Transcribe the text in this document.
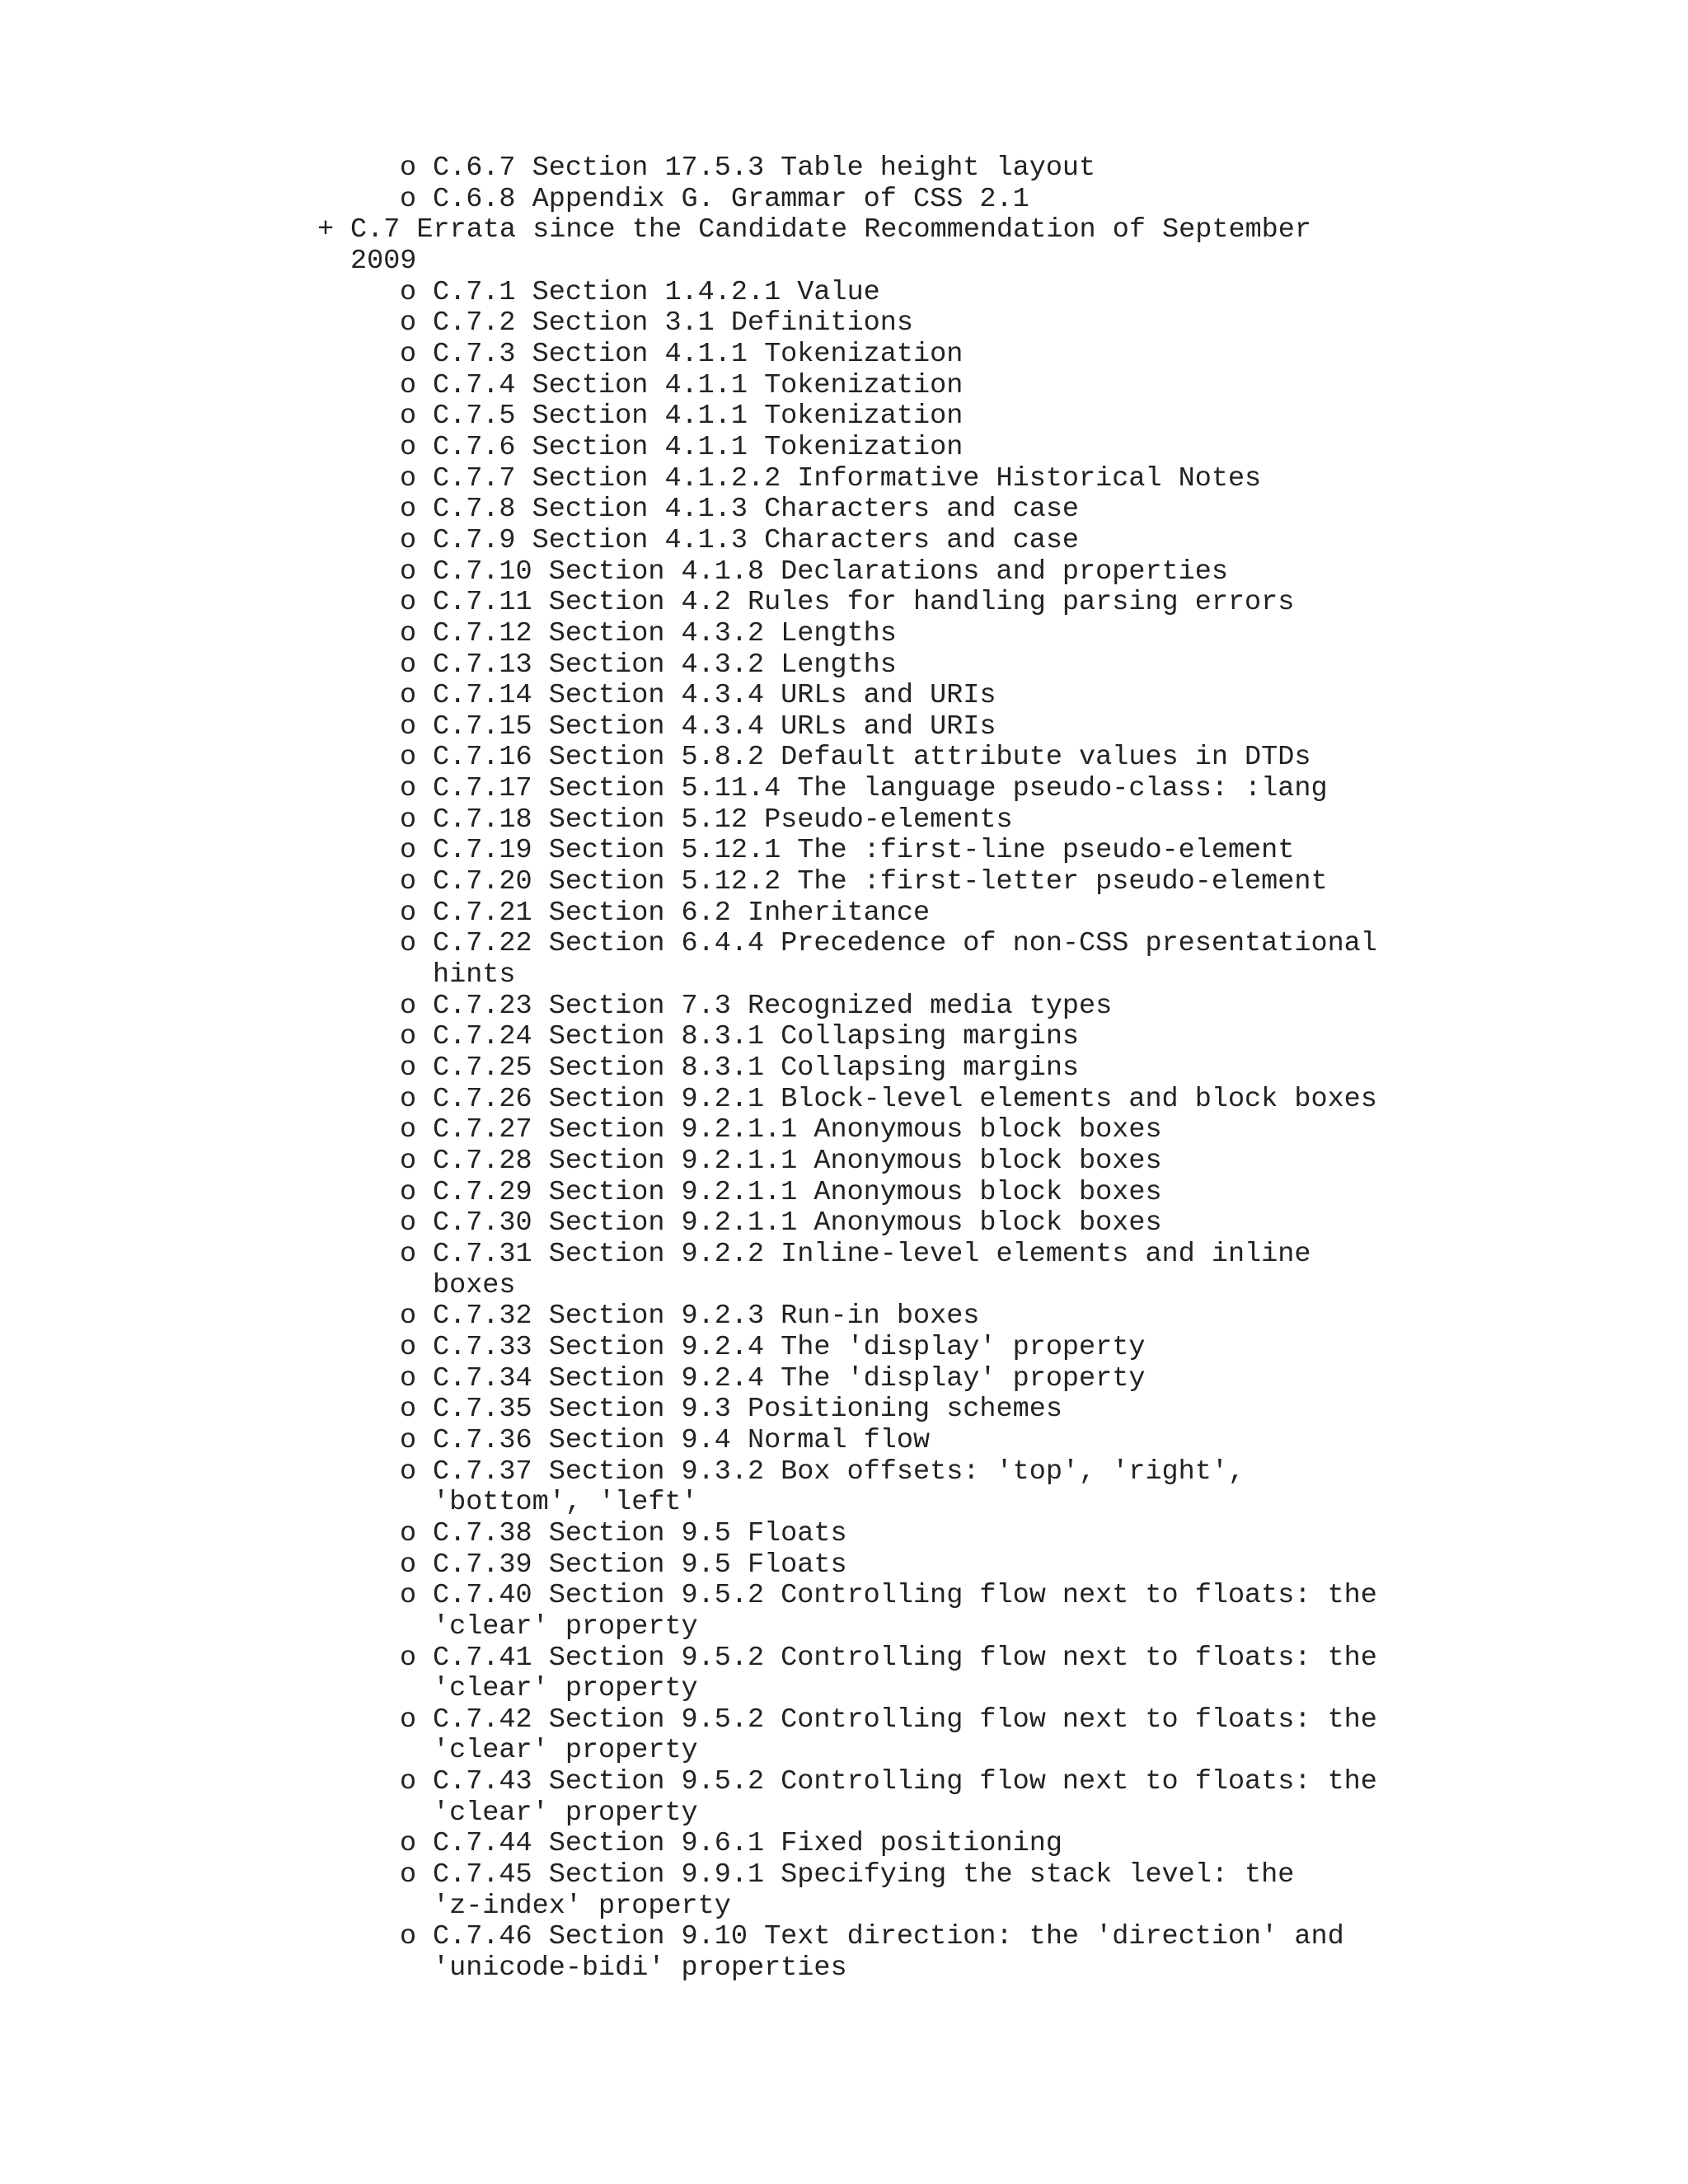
o C.6.7 Section 17.5.3 Table height layout
o C.6.8 Appendix G. Grammar of CSS 2.1
+ C.7 Errata since the Candidate Recommendation of September
2009
o C.7.1 Section 1.4.2.1 Value
o C.7.2 Section 3.1 Definitions
o C.7.3 Section 4.1.1 Tokenization
o C.7.4 Section 4.1.1 Tokenization
o C.7.5 Section 4.1.1 Tokenization
o C.7.6 Section 4.1.1 Tokenization
o C.7.7 Section 4.1.2.2 Informative Historical Notes
o C.7.8 Section 4.1.3 Characters and case
o C.7.9 Section 4.1.3 Characters and case
o C.7.10 Section 4.1.8 Declarations and properties
o C.7.11 Section 4.2 Rules for handling parsing errors
o C.7.12 Section 4.3.2 Lengths
o C.7.13 Section 4.3.2 Lengths
o C.7.14 Section 4.3.4 URLs and URIs
o C.7.15 Section 4.3.4 URLs and URIs
o C.7.16 Section 5.8.2 Default attribute values in DTDs
o C.7.17 Section 5.11.4 The language pseudo-class: :lang
o C.7.18 Section 5.12 Pseudo-elements
o C.7.19 Section 5.12.1 The :first-line pseudo-element
o C.7.20 Section 5.12.2 The :first-letter pseudo-element
o C.7.21 Section 6.2 Inheritance
o C.7.22 Section 6.4.4 Precedence of non-CSS presentational
hints
o C.7.23 Section 7.3 Recognized media types
o C.7.24 Section 8.3.1 Collapsing margins
o C.7.25 Section 8.3.1 Collapsing margins
o C.7.26 Section 9.2.1 Block-level elements and block boxes
o C.7.27 Section 9.2.1.1 Anonymous block boxes
o C.7.28 Section 9.2.1.1 Anonymous block boxes
o C.7.29 Section 9.2.1.1 Anonymous block boxes
o C.7.30 Section 9.2.1.1 Anonymous block boxes
o C.7.31 Section 9.2.2 Inline-level elements and inline
boxes
o C.7.32 Section 9.2.3 Run-in boxes
o C.7.33 Section 9.2.4 The 'display' property
o C.7.34 Section 9.2.4 The 'display' property
o C.7.35 Section 9.3 Positioning schemes
o C.7.36 Section 9.4 Normal flow
o C.7.37 Section 9.3.2 Box offsets: 'top', 'right',
'bottom', 'left'
o C.7.38 Section 9.5 Floats
o C.7.39 Section 9.5 Floats
o C.7.40 Section 9.5.2 Controlling flow next to floats: the
'clear' property
o C.7.41 Section 9.5.2 Controlling flow next to floats: the
'clear' property
o C.7.42 Section 9.5.2 Controlling flow next to floats: the
'clear' property
o C.7.43 Section 9.5.2 Controlling flow next to floats: the
'clear' property
o C.7.44 Section 9.6.1 Fixed positioning
o C.7.45 Section 9.9.1 Specifying the stack level: the
'z-index' property
o C.7.46 Section 9.10 Text direction: the 'direction' and
'unicode-bidi' properties
